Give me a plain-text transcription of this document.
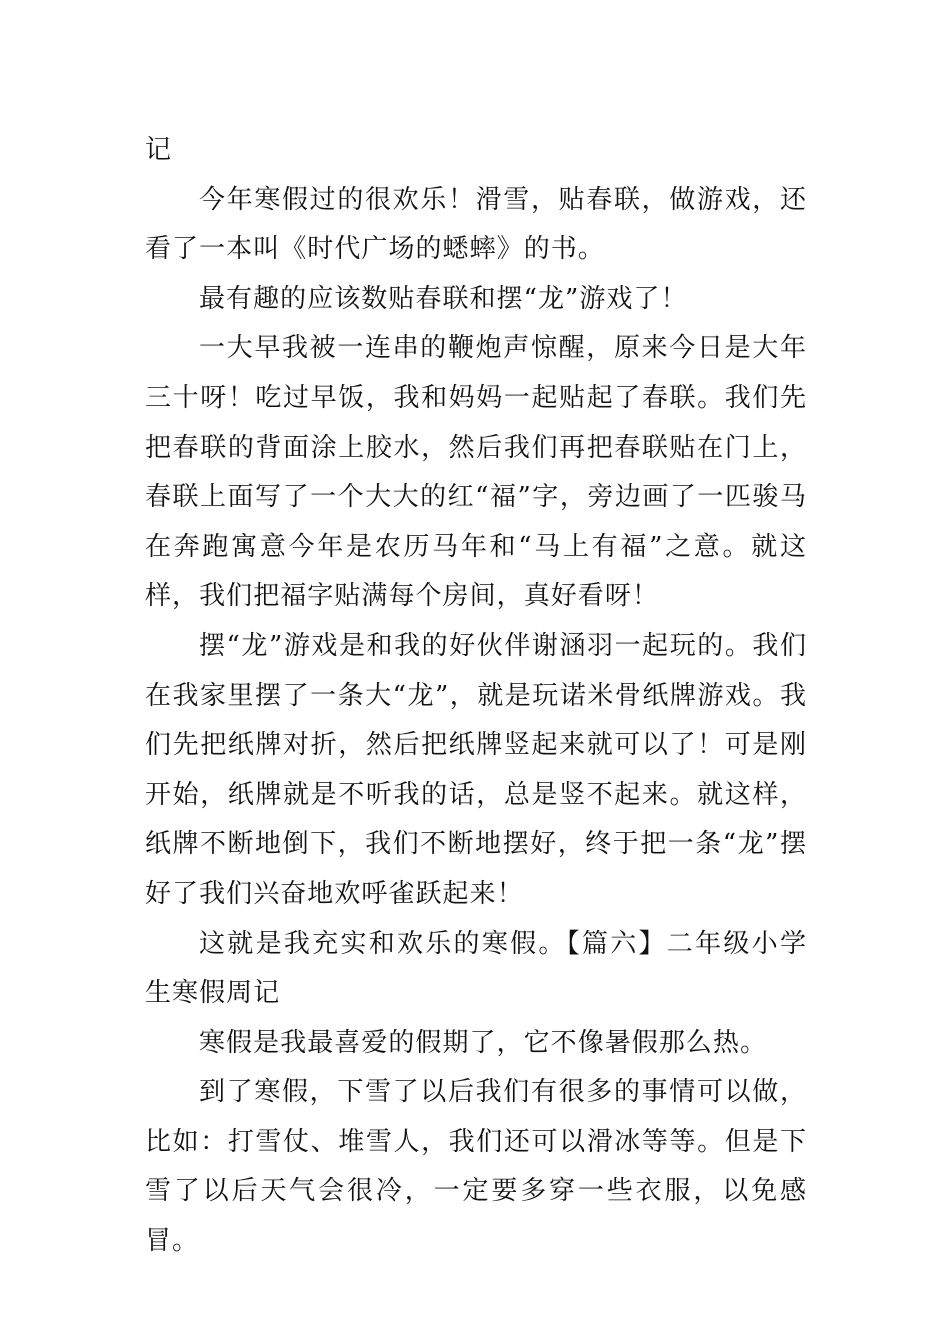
记

今年寒假过的很欢乐！滑雪，贴春联，做游戏，还看了一本叫《时代广场的蟋蟀》的书。

最有趣的应该数贴春联和摆“龙”游戏了！

一大早我被一连串的鞭炮声惊醒，原来今日是大年三十呀！吃过早饭，我和妈妈一起贴起了春联。我们先把春联的背面涂上胶水，然后我们再把春联贴在门上，春联上面写了一个大大的红“福”字，旁边画了一匹骏马在奔跑寓意今年是农历马年和“马上有福”之意。就这样，我们把福字贴满每个房间，真好看呀！

摆“龙”游戏是和我的好伙伴谢涵羽一起玩的。我们在我家里摆了一条大“龙”，就是玩诺米骨纸牌游戏。我们先把纸牌对折，然后把纸牌竖起来就可以了！可是刚开始，纸牌就是不听我的话，总是竖不起来。就这样，纸牌不断地倒下，我们不断地摆好，终于把一条“龙”摆好了我们兴奋地欢呼雀跃起来！

这就是我充实和欢乐的寒假。【篇六】二年级小学生寒假周记

寒假是我最喜爱的假期了，它不像暑假那么热。

到了寒假，下雪了以后我们有很多的事情可以做，比如：打雪仗、堆雪人，我们还可以滑冰等等。但是下雪了以后天气会很冷，一定要多穿一些衣服，以免感冒。
